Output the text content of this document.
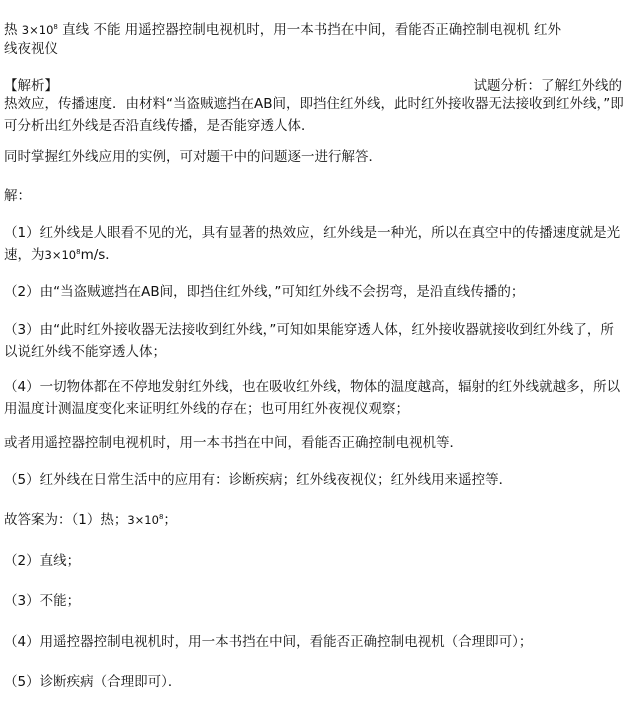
热 $3\times 10^8$ 直线 不能 用遥控器控制电视机时，用一本书挡在中间，看能否正确控制电视机 红外
线夜视仪
【解析】	试题分析：了解红外线的
热效应，传播速度．由材料“当盗贼遮挡在AB间，即挡住红外线，此时红外接收器无法接收到红外线，”即可分析出红外线是否沿直线传播，是否能穿透人体．
同时掌握红外线应用的实例，可对题干中的问题逐一进行解答．
解：
（1）红外线是人眼看不见的光，具有显著的热效应，红外线是一种光，所以在真空中的传播速度就是光速，为$3\times 10^8m/s$．
（2）由“当盗贼遮挡在AB间，即挡住红外线，”可知红外线不会拐弯，是沿直线传播的；
（3）由“此时红外接收器无法接收到红外线，”可知如果能穿透人体，红外接收器就接收到红外线了，所以说红外线不能穿透人体；
（4）一切物体都在不停地发射红外线，也在吸收红外线，物体的温度越高，辐射的红外线就越多，所以用温度计测温度变化来证明红外线的存在；也可用红外夜视仪观察；
或者用遥控器控制电视机时，用一本书挡在中间，看能否正确控制电视机等．
（5）红外线在日常生活中的应用有：诊断疾病；红外线夜视仪；红外线用来遥控等．
故答案为：（1）热；$3\times 10^8$；
（2）直线；
（3）不能；
（4）用遥控器控制电视机时，用一本书挡在中间，看能否正确控制电视机（合理即可）；
（5）诊断疾病（合理即可）．
